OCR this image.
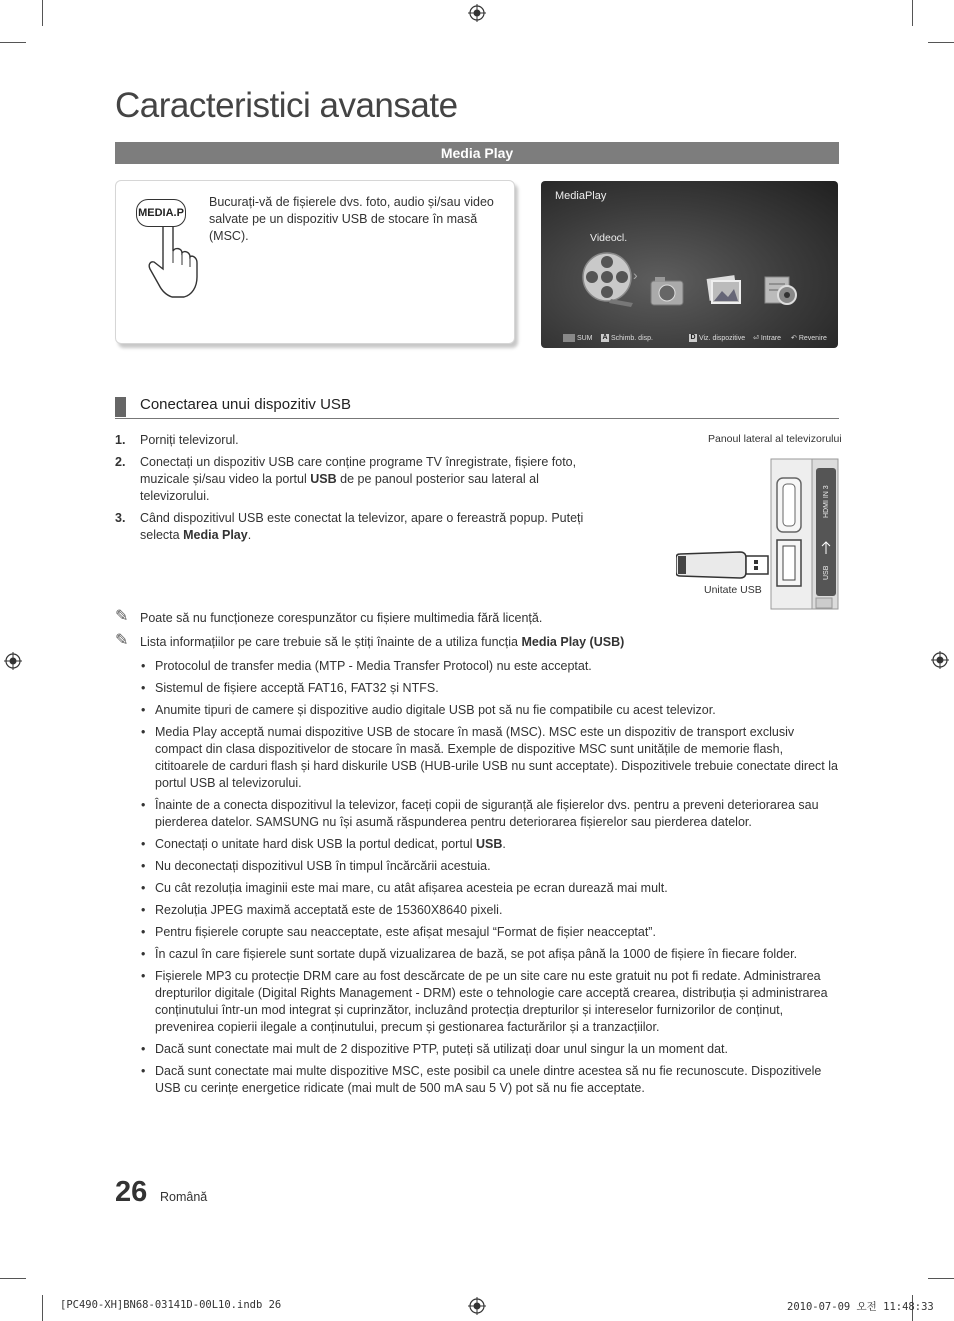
Caracteristici avansate
Media Play
MEDIA.P

Bucurați-vă de fișierele dvs. foto, audio și/sau video salvate pe un dispozitiv USB de stocare în masă (MSC).

MediaPlay
Videocl.
›
SUM A Schimb. disp.	D Viz. dispozitive ⏎ Intrare ↶ Revenire
Conectarea unui dispozitiv USB
1. Porniți televizorul.
2. Conectați un dispozitiv USB care conține programe TV înregistrate, fișiere foto, muzicale și/sau video la portul USB de pe panoul posterior sau lateral al televizorului.
3. Când dispozitivul USB este conectat la televizor, apare o fereastră popup. Puteți selecta Media Play.
Panoul lateral al televizorului
HDMI IN 3
USB
Unitate USB
✎ Poate să nu funcționeze corespunzător cu fișiere multimedia fără licență.
✎ Lista informațiilor pe care trebuie să le știți înainte de a utiliza funcția Media Play (USB)
• Protocolul de transfer media (MTP - Media Transfer Protocol) nu este acceptat.
• Sistemul de fișiere acceptă FAT16, FAT32 și NTFS.
• Anumite tipuri de camere și dispozitive audio digitale USB pot să nu fie compatibile cu acest televizor.
• Media Play acceptă numai dispozitive USB de stocare în masă (MSC). MSC este un dispozitiv de transport exclusiv compact din clasa dispozitivelor de stocare în masă. Exemple de dispozitive MSC sunt unitățile de memorie flash, cititoarele de carduri flash și hard diskurile USB (HUB-urile USB nu sunt acceptate). Dispozitivele trebuie conectate direct la portul USB al televizorului.
• Înainte de a conecta dispozitivul la televizor, faceți copii de siguranță ale fișierelor dvs. pentru a preveni deteriorarea sau pierderea datelor. SAMSUNG nu își asumă răspunderea pentru deteriorarea fișierelor sau pierderea datelor.
• Conectați o unitate hard disk USB la portul dedicat, portul USB.
• Nu deconectați dispozitivul USB în timpul încărcării acestuia.
• Cu cât rezoluția imaginii este mai mare, cu atât afișarea acesteia pe ecran durează mai mult.
• Rezoluția JPEG maximă acceptată este de 15360X8640 pixeli.
• Pentru fișierele corupte sau neacceptate, este afișat mesajul “Format de fișier neacceptat”.
• În cazul în care fișierele sunt sortate după vizualizarea de bază, se pot afișa până la 1000 de fișiere în fiecare folder.
• Fișierele MP3 cu protecție DRM care au fost descărcate de pe un site care nu este gratuit nu pot fi redate. Administrarea drepturilor digitale (Digital Rights Management - DRM) este o tehnologie care acceptă crearea, distribuția și administrarea conținutului într-un mod integrat și cuprinzător, incluzând protecția drepturilor și intereselor furnizorilor de conținut, prevenirea copierii ilegale a conținutului, precum și gestionarea facturărilor și a tranzacțiilor.
• Dacă sunt conectate mai mult de 2 dispozitive PTP, puteți să utilizați doar unul singur la un moment dat.
• Dacă sunt conectate mai multe dispozitive MSC, este posibil ca unele dintre acestea să nu fie recunoscute. Dispozitivele USB cu cerințe energetice ridicate (mai mult de 500 mA sau 5 V) pot să nu fie acceptate.
26 Română
[PC490-XH]BN68-03141D-00L10.indb 26	2010-07-09 오전 11:48:33
